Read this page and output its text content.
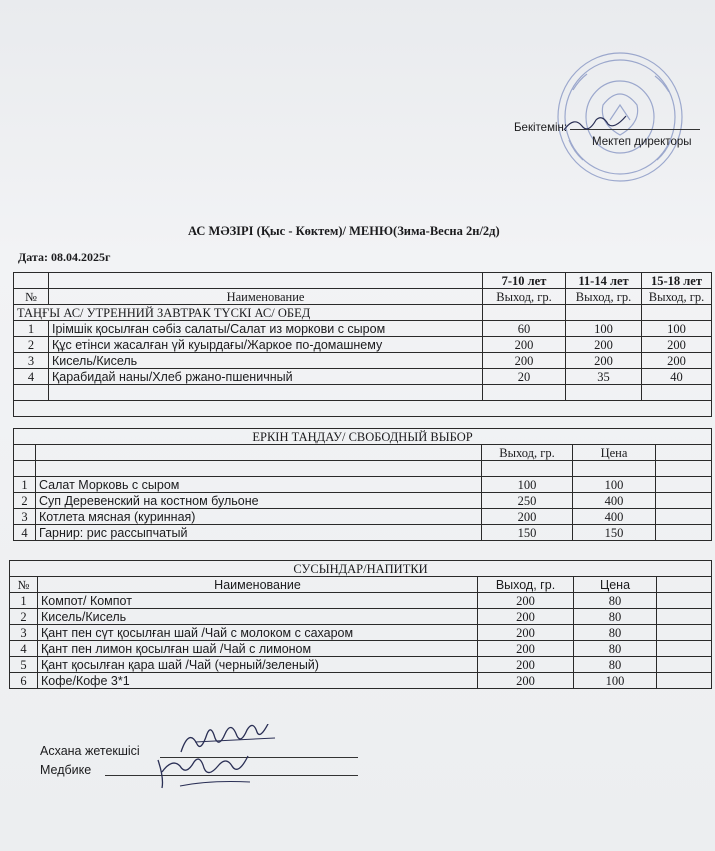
Бекітемін:
Мектеп директоры
АС МӘЗІРІ (Қыс - Көктем)/ МЕНЮ(Зима-Весна 2н/2д)
Дата: 08.04.2025г
		7-10 лет	11-14 лет	15-18 лет
№	Наименование	Выход, гр.	Выход, гр.	Выход, гр.
ТАҢҒЫ АС/ УТРЕННИЙ ЗАВТРАК ТҮСКІ АС/ ОБЕД				
1	Ірімшік қосылған сәбіз салаты/Салат из моркови с сыром	60	100	100
2	Құс етінси жасалған үй куырдағы/Жаркое по-домашнему	200	200	200
3	Кисель/Кисель	200	200	200
4	Қарабидай наны/Хлеб ржано-пшеничный	20	35	40

ЕРКІН ТАҢДАУ/ СВОБОДНЫЙ ВЫБОР				
		Выход, гр.	Цена	

1	Салат Морковь с сыром	100	100	
2	Суп Деревенский на костном бульоне	250	400	
3	Котлета мясная (куринная)	200	400	
4	Гарнир: рис рассыпчатый	150	150	
СУСЫНДАР/НАПИТКИ				
№	Наименование	Выход, гр.	Цена	
1	Компот/ Компот	200	80	
2	Кисель/Кисель	200	80	
3	Қант пен сүт қосылған шай /Чай с молоком с сахаром	200	80	
4	Қант пен лимон қосылған шай /Чай с лимоном	200	80	
5	Қант қосылған қара шай /Чай (черный/зеленый)	200	80	
6	Кофе/Кофе 3*1	200	100	
Асхана жетекшісі
Медбике
